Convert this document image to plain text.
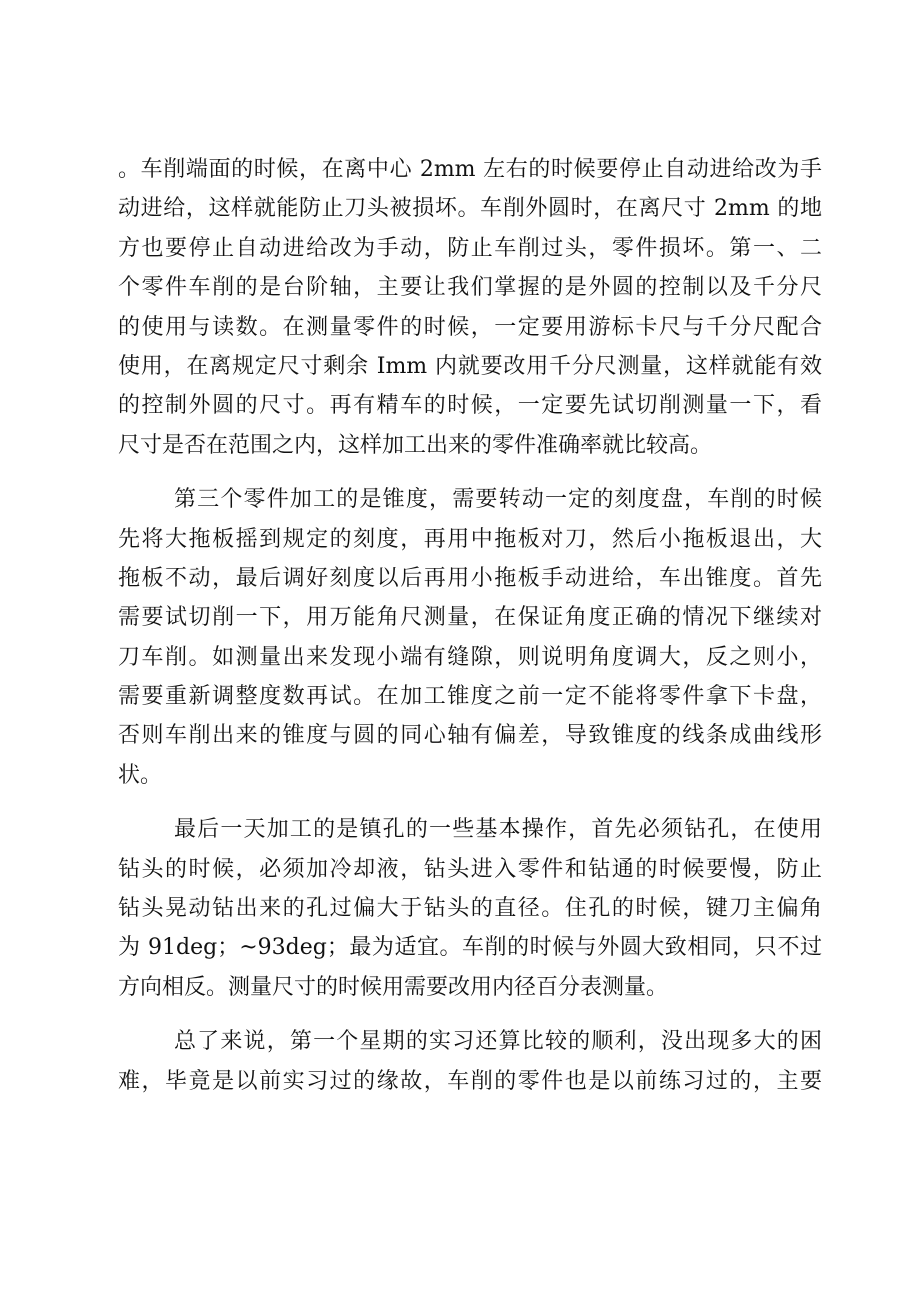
。车削端面的时候，在离中心 2mm 左右的时候要停止自动进给改为手
动进给，这样就能防止刀头被损坏。车削外圆时，在离尺寸 2mm 的地
方也要停止自动进给改为手动，防止车削过头，零件损坏。第一、二
个零件车削的是台阶轴，主要让我们掌握的是外圆的控制以及千分尺
的使用与读数。在测量零件的时候，一定要用游标卡尺与千分尺配合
使用，在离规定尺寸剩余 Imm 内就要改用千分尺测量，这样就能有效
的控制外圆的尺寸。再有精车的时候，一定要先试切削测量一下，看
尺寸是否在范围之内，这样加工出来的零件准确率就比较高。
第三个零件加工的是锥度，需要转动一定的刻度盘，车削的时候
先将大拖板摇到规定的刻度，再用中拖板对刀，然后小拖板退出，大
拖板不动，最后调好刻度以后再用小拖板手动进给，车出锥度。首先
需要试切削一下，用万能角尺测量，在保证角度正确的情况下继续对
刀车削。如测量出来发现小端有缝隙，则说明角度调大，反之则小，
需要重新调整度数再试。在加工锥度之前一定不能将零件拿下卡盘，
否则车削出来的锥度与圆的同心轴有偏差，导致锥度的线条成曲线形
状。
最后一天加工的是镇孔的一些基本操作，首先必须钻孔，在使用
钻头的时候，必须加冷却液，钻头进入零件和钻通的时候要慢，防止
钻头晃动钻出来的孔过偏大于钻头的直径。住孔的时候，键刀主偏角
为 91deg；~93deg；最为适宜。车削的时候与外圆大致相同，只不过
方向相反。测量尺寸的时候用需要改用内径百分表测量。
总了来说，第一个星期的实习还算比较的顺利，没出现多大的困
难，毕竟是以前实习过的缘故，车削的零件也是以前练习过的，主要
